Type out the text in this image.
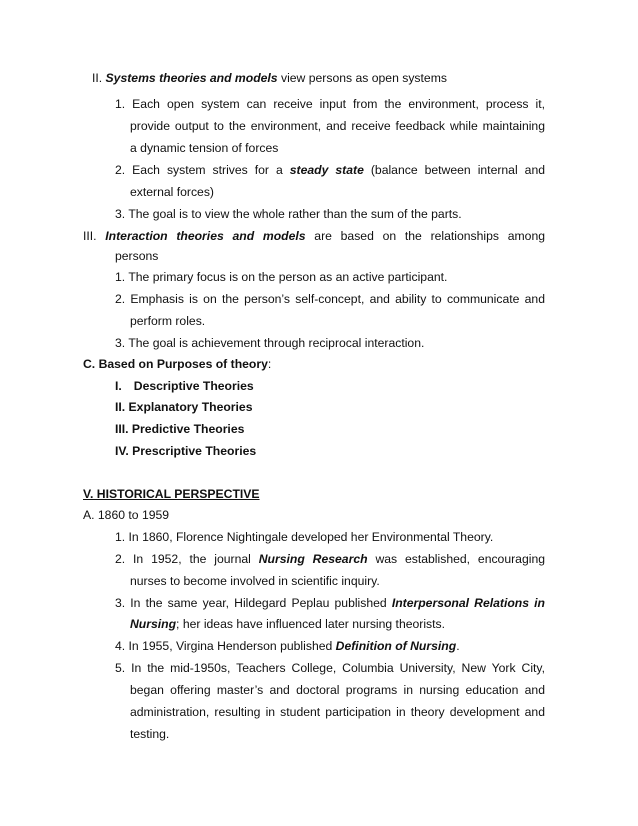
II. Systems theories and models view persons as open systems
1. Each open system can receive input from the environment, process it,
provide output to the environment, and receive feedback while maintaining
a dynamic tension of forces
2. Each system strives for a steady state (balance between internal and
external forces)
3. The goal is to view the whole rather than the sum of the parts.
III. Interaction theories and models are based on the relationships among
persons
1. The primary focus is on the person as an active participant.
2. Emphasis is on the person’s self-concept, and ability to communicate and
perform roles.
3. The goal is achievement through reciprocal interaction.
C. Based on Purposes of theory:
I. Descriptive Theories
II. Explanatory Theories
III. Predictive Theories
IV. Prescriptive Theories
V. HISTORICAL PERSPECTIVE
A. 1860 to 1959
1. In 1860, Florence Nightingale developed her Environmental Theory.
2. In 1952, the journal Nursing Research was established, encouraging
nurses to become involved in scientific inquiry.
3. In the same year, Hildegard Peplau published Interpersonal Relations in
Nursing; her ideas have influenced later nursing theorists.
4. In 1955, Virgina Henderson published Definition of Nursing.
5. In the mid-1950s, Teachers College, Columbia University, New York City,
began offering master’s and doctoral programs in nursing education and
administration, resulting in student participation in theory development and
testing.
